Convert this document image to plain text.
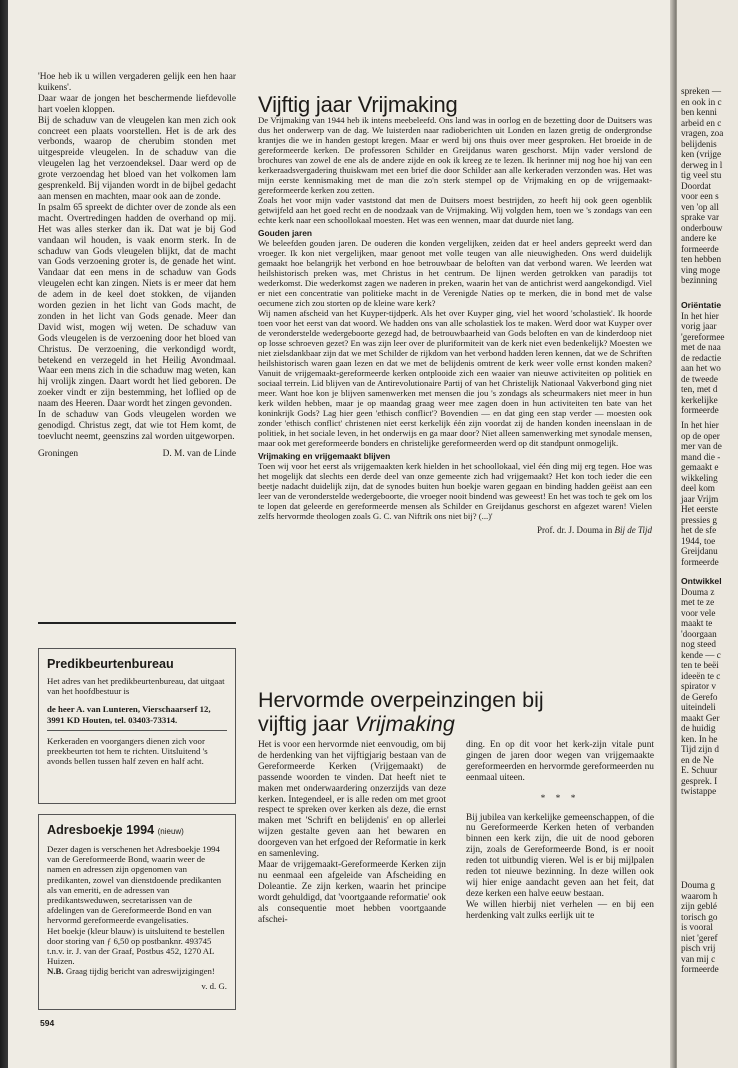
'Hoe heb ik u willen vergaderen gelijk een hen haar kuikens'.

Daar waar de jongen het beschermende liefdevolle hart voelen kloppen.

Bij de schaduw van de vleugelen kan men zich ook concreet een plaats voorstellen. Het is de ark des verbonds, waarop de cherubim stonden met uitgespreide vleugelen. In de schaduw van die vleugelen lag het verzoendeksel. Daar werd op de grote verzoendag het bloed van het volkomen lam gesprenkeld. Bij vijanden wordt in de bijbel gedacht aan mensen en machten, maar ook aan de zonde.

In psalm 65 spreekt de dichter over de zonde als een macht. Overtredingen hadden de overhand op mij. Het was alles sterker dan ik. Dat wat je bij God vandaan wil houden, is vaak enorm sterk. In de schaduw van Gods vleugelen blijkt, dat de macht van Gods verzoening groter is, de genade het wint. Vandaar dat een mens in de schaduw van Gods vleugelen echt kan zingen. Niets is er meer dat hem de adem in de keel doet stokken, de vijanden worden gezien in het licht van Gods macht, de zonden in het licht van Gods genade. Meer dan David wist, mogen wij weten. De schaduw van Gods vleugelen is de verzoening door het bloed van Christus. De verzoening, die verkondigd wordt, betekend en verzegeld in het Heilig Avondmaal. Waar een mens zich in die schaduw mag weten, kan hij vrolijk zingen. Daart wordt het lied geboren. De zoeker vindt er zijn bestemming, het loflied op de naam des Heeren. Daar wordt het zingen gevonden.

In de schaduw van Gods vleugelen worden we genodigd. Christus zegt, dat wie tot Hem komt, de toevlucht neemt, geenszins zal worden uitgeworpen.

Groningen	D. M. van de Linde
Predikbeurtenbureau

Het adres van het predikbeurtenbureau, dat uitgaat van het hoofdbestuur is

de heer A. van Lunteren, Vierschaarserf 12, 3991 KD Houten, tel. 03403-73314.

Kerkeraden en voorgangers dienen zich voor preekbeurten tot hem te richten. Uitsluitend 's avonds bellen tussen half zeven en half acht.

Adresboekje 1994 (nieuw)

Dezer dagen is verschenen het Adresboekje 1994 van de Gereformeerde Bond, waarin weer de namen en adressen zijn opgenomen van predikanten, zowel van dienstdoende predikanten als van emeriti, en de adressen van predikantsweduwen, secretarissen van de afdelingen van de Gereformeerde Bond en van hervormd gereformeerde evangelisaties.

Het boekje (kleur blauw) is uitsluitend te bestellen door storing van ƒ 6,50 op postbanknr. 493745 t.n.v. ir. J. van der Graaf, Postbus 452, 1270 AL Huizen.

N.B. Graag tijdig bericht van adreswijzigingen!

v. d. G.

594
Vijftig jaar Vrijmaking

De Vrijmaking van 1944 heb ik intens meebeleefd. Ons land was in oorlog en de bezetting door de Duitsers was dus het onderwerp van de dag. We luisterden naar radioberichten uit Londen en lazen gretig de ondergrondse krantjes die we in handen gestopt kregen. Maar er werd bij ons thuis over meer gesproken. Het broeide in de gereformeerde kerken. De professoren Schilder en Greijdanus waren geschorst. Mijn vader verslond de brochures van zowel de ene als de andere zijde en ook ik kreeg ze te lezen. Ik herinner mij nog hoe hij van een kerkeraadsvergadering thuiskwam met een brief die door Schilder aan alle kerkeraden verzonden was. Het was mijn eerste kennismaking met de man die zo'n sterk stempel op de Vrijmaking en op de vrijgemaakt-gereformeerde kerken zou zetten.

Zoals het voor mijn vader vaststond dat men de Duitsers moest bestrijden, zo heeft hij ook geen ogenblik getwijfeld aan het goed recht en de noodzaak van de Vrijmaking. Wij volgden hem, toen we 's zondags van een echte kerk naar een schoollokaal moesten. Het was een wennen, maar dat duurde niet lang.

Gouden jaren

We beleefden gouden jaren. De ouderen die konden vergelijken, zeiden dat er heel anders gepreekt werd dan vroeger. Ik kon niet vergelijken, maar genoot met volle teugen van alle nieuwigheden. Ons werd duidelijk gemaakt hoe belangrijk het verbond en hoe betrouwbaar de beloften van dat verbond waren. We leerden wat heilshistorisch preken was, met Christus in het centrum. De lijnen werden getrokken van paradijs tot wederkomst. Die wederkomst zagen we naderen in preken, waarin het van de antichrist werd aangekondigd. Viel er niet een concentratie van politieke macht in de Verenigde Naties op te merken, die in bond met de valse oecumene zich zou storten op de kleine ware kerk?

Wij namen afscheid van het Kuyper-tijdperk. Als het over Kuyper ging, viel het woord 'scholastiek'. Ik hoorde toen voor het eerst van dat woord. We hadden ons van alle scholastiek los te maken. Werd door wat Kuyper over de veronderstelde wedergeboorte gezegd had, de betrouwbaarheid van Gods beloften en van de kinderdoop niet op losse schroeven gezet? En was zijn leer over de pluriformiteit van de kerk niet even bedenkelijk? Moesten we niet zielsdankbaar zijn dat we met Schilder de rijkdom van het verbond hadden leren kennen, dat we de Schriften heilshistorisch waren gaan lezen en dat we met de belijdenis omtrent de kerk weer volle ernst konden maken? Vanuit de vrijgemaakt-gereformeerde kerken ontplooide zich een waaier van nieuwe activiteiten op politiek en sociaal terrein. Lid blijven van de Antirevolutionaire Partij of van het Christelijk Nationaal Vakverbond ging niet meer. Want hoe kon je blijven samenwerken met mensen die jou 's zondags als scheurmakers niet meer in hun kerk wilden hebben, maar je op maandag graag weer mee zagen doen in hun activiteiten ten bate van het koninkrijk Gods? Lag hier geen 'ethisch conflict'? Bovendien — en dat ging een stap verder — moesten ook zonder 'ethisch conflict' christenen niet eerst kerkelijk één zijn voordat zij de handen konden ineenslaan in de politiek, in het sociale leven, in het onderwijs en ga maar door? Niet alleen samenwerking met synodale mensen, maar ook met gereformeerde bonders en christelijke gereformeerden werd op dit standpunt onmogelijk.

Vrijmaking en vrijgemaakt blijven

Toen wij voor het eerst als vrijgemaakten kerk hielden in het schoollokaal, viel één ding mij erg tegen. Hoe was het mogelijk dat slechts een derde deel van onze gemeente zich had vrijgemaakt? Het kon toch ieder die een beetje nadacht duidelijk zijn, dat de synodes buiten hun boekje waren gegaan en binding hadden geëist aan een leer van de veronderstelde wedergeboorte, die vroeger nooit bindend was geweest! En het was toch te gek om los te lopen dat geleerde en gereformeerde mensen als Schilder en Greijdanus geschorst en afgezet waren! Vielen zelfs hervormde theologen zoals G. C. van Niftrik ons niet bij? (...)'

Prof. dr. J. Douma in Bij de Tijd

Hervormde overpeinzingen bij
vijftig jaar Vrijmaking

Het is voor een hervormde niet eenvoudig, om bij de herdenking van het vijftigjarig bestaan van de Gereformeerde Kerken (Vrijgemaakt) de passende woorden te vinden. Dat heeft niet te maken met onderwaardering onzerzijds van deze kerken. Integendeel, er is alle reden om met groot respect te spreken over kerken als deze, die ernst maken met 'Schrift en belijdenis' en op allerlei wijzen gestalte geven aan het bewaren en doorgeven van het erfgoed der Reformatie in kerk en samenleving.

Maar de vrijgemaakt-Gereformeerde Kerken zijn nu eenmaal een afgeleide van Afscheiding en Doleantie. Ze zijn kerken, waarin het principe wordt gehuldigd, dat 'voortgaande reformatie' ook als consequentie moet hebben voortgaande afschei-

ding. En op dit voor het kerk-zijn vitale punt gingen de jaren door wegen van vrijgemaakte gereformeerden en hervormde gereformeerden nu eenmaal uiteen.

* * *

Bij jubilea van kerkelijke gemeenschappen, of die nu Gereformeerde Kerken heten of verbanden binnen een kerk zijn, die uit de nood geboren zijn, zoals de Gereformeerde Bond, is er nooit reden tot uitbundig vieren. Wel is er bij mijlpalen reden tot nieuwe bezinning. In deze willen ook wij hier enige aandacht geven aan het feit, dat deze kerken een halve eeuw bestaan.

We willen hierbij niet verhelen — en bij een herdenking valt zulks eerlijk uit te

spreken —

en ook in c

ben kenni

arbeid en c

vragen, zoa

belijdenis

ken (vrijge

derweg in l

tig veel stu

Doordat

voor een s

ven 'op all

sprake var

onderbouw

andere ke

formeerde

ten hebben

ving moge

bezinning

Oriëntatie

In het hier

vorig jaar

'gereformee

met de naa

de redactie

aan het wo

de tweede

ten, met d

kerkelijke

formeerde

In het hier

op de oper

mer van de

mand die -

gemaakt e

wikkeling

deel kom

jaar Vrijm

Het eerste

pressies g

het de sfe

1944, toe

Greijdanu

formeerde

Ontwikkel

Douma z

met te ze

voor vele

maakt te

'doorgaan

nog steed

kende — c

ten te beëi

ideeën te c

spirator v

de Gerefo

uiteindeli

maakt Ger

de huidig

ken. In he

Tijd zijn d

en de Ne

E. Schuur

gesprek. I

twistappe

Douma g

waarom h

zijn geblé

torisch go

is vooral

niet 'geref

pisch vrij

van mij c

formeerde
